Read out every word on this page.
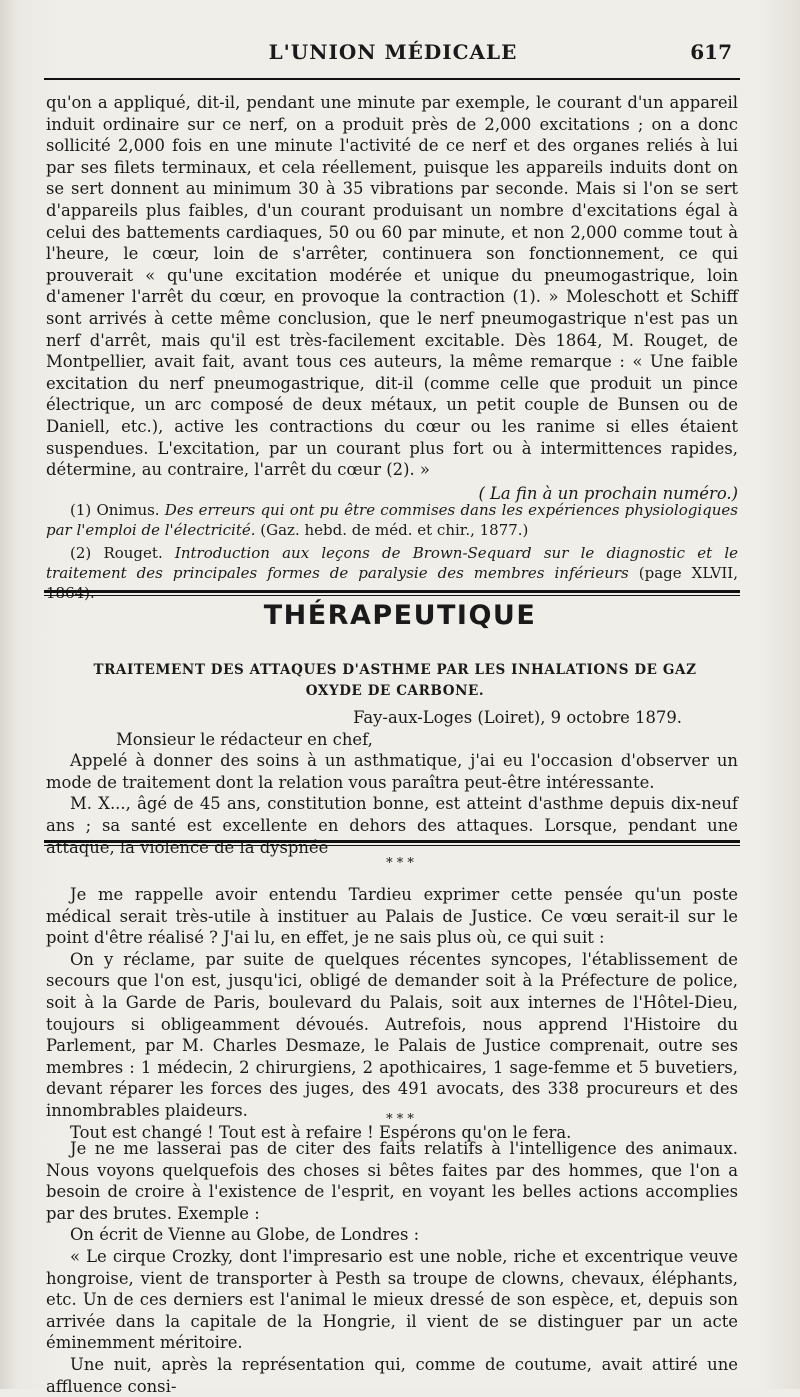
L'UNION MÉDICALE	617

qu'on a appliqué, dit-il, pendant une minute par exemple, le courant d'un appareil induit ordinaire sur ce nerf, on a produit près de 2,000 excitations ; on a donc sollicité 2,000 fois en une minute l'activité de ce nerf et des organes reliés à lui par ses filets terminaux, et cela réellement, puisque les appareils induits dont on se sert donnent au minimum 30 à 35 vibrations par seconde. Mais si l'on se sert d'appareils plus faibles, d'un courant produisant un nombre d'excitations égal à celui des battements cardiaques, 50 ou 60 par minute, et non 2,000 comme tout à l'heure, le cœur, loin de s'arrêter, continuera son fonctionnement, ce qui prouverait « qu'une excitation modérée et unique du pneumogastrique, loin d'amener l'arrêt du cœur, en provoque la contraction (1). » Moleschott et Schiff sont arrivés à cette même conclusion, que le nerf pneumogastrique n'est pas un nerf d'arrêt, mais qu'il est très-facilement excitable. Dès 1864, M. Rouget, de Montpellier, avait fait, avant tous ces auteurs, la même remarque : « Une faible excitation du nerf pneumogastrique, dit-il (comme celle que produit un pince électrique, un arc composé de deux métaux, un petit couple de Bunsen ou de Daniell, etc.), active les contractions du cœur ou les ranime si elles étaient suspendues. L'excitation, par un courant plus fort ou à intermittences rapides, détermine, au contraire, l'arrêt du cœur (2). »

( La fin à un prochain numéro.)

(1) Onimus. Des erreurs qui ont pu être commises dans les expériences physiologiques par l'emploi de l'électricité. (Gaz. hebd. de méd. et chir., 1877.)

(2) Rouget. Introduction aux leçons de Brown-Sequard sur le diagnostic et le traitement des principales formes de paralysie des membres inférieurs (page XLVII, 1864).

THÉRAPEUTIQUE
TRAITEMENT DES ATTAQUES D'ASTHME PAR LES INHALATIONS DE GAZ OXYDE DE CARBONE.

Fay-aux-Loges (Loiret), 9 octobre 1879.

Monsieur le rédacteur en chef,

Appelé à donner des soins à un asthmatique, j'ai eu l'occasion d'observer un mode de traitement dont la relation vous paraîtra peut-être intéressante.

M. X..., âgé de 45 ans, constitution bonne, est atteint d'asthme depuis dix-neuf ans ; sa santé est excellente en dehors des attaques. Lorsque, pendant une attaque, la violence de la dyspnée

* * *

Je me rappelle avoir entendu Tardieu exprimer cette pensée qu'un poste médical serait très-utile à instituer au Palais de Justice. Ce vœu serait-il sur le point d'être réalisé ? J'ai lu, en effet, je ne sais plus où, ce qui suit :

On y réclame, par suite de quelques récentes syncopes, l'établissement de secours que l'on est, jusqu'ici, obligé de demander soit à la Préfecture de police, soit à la Garde de Paris, boulevard du Palais, soit aux internes de l'Hôtel-Dieu, toujours si obligeamment dévoués. Autrefois, nous apprend l'Histoire du Parlement, par M. Charles Desmaze, le Palais de Justice comprenait, outre ses membres : 1 médecin, 2 chirurgiens, 2 apothicaires, 1 sage-femme et 5 buvetiers, devant réparer les forces des juges, des 491 avocats, des 338 procureurs et des innombrables plaideurs.

Tout est changé ! Tout est à refaire ! Espérons qu'on le fera.

* * *

Je ne me lasserai pas de citer des faits relatifs à l'intelligence des animaux. Nous voyons quelquefois des choses si bêtes faites par des hommes, que l'on a besoin de croire à l'existence de l'esprit, en voyant les belles actions accomplies par des brutes. Exemple :

On écrit de Vienne au Globe, de Londres :

« Le cirque Crozky, dont l'impresario est une noble, riche et excentrique veuve hongroise, vient de transporter à Pesth sa troupe de clowns, chevaux, éléphants, etc. Un de ces derniers est l'animal le mieux dressé de son espèce, et, depuis son arrivée dans la capitale de la Hongrie, il vient de se distinguer par un acte éminemment méritoire.

Une nuit, après la représentation qui, comme de coutume, avait attiré une affluence consi-
